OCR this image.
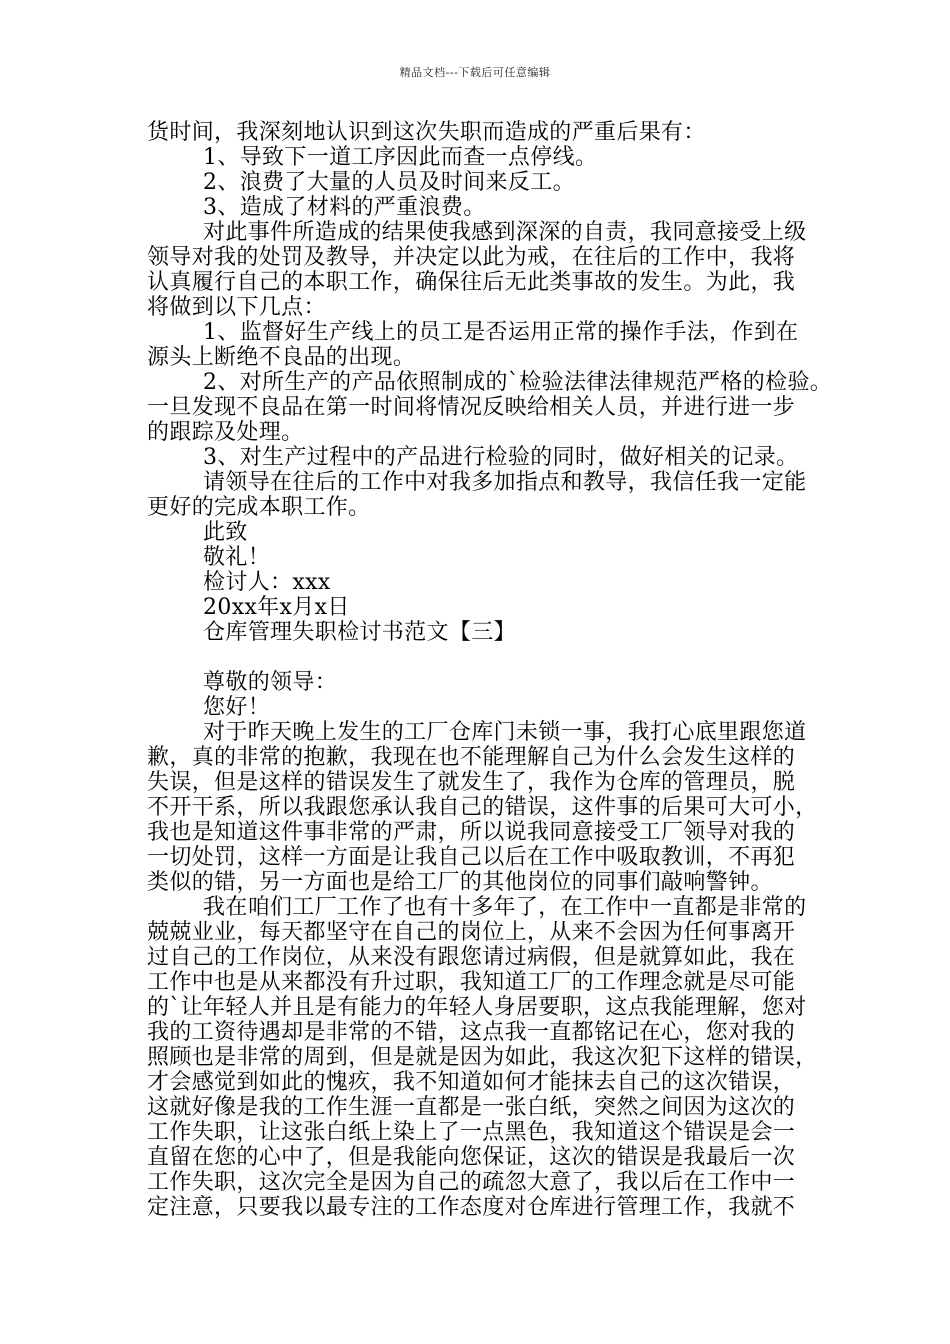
精品文档---下载后可任意编辑
货时间，我深刻地认识到这次失职而造成的严重后果有：
1、导致下一道工序因此而查一点停线。
2、浪费了大量的人员及时间来反工。
3、造成了材料的严重浪费。
对此事件所造成的结果使我感到深深的自责，我同意接受上级
领导对我的处罚及教导，并决定以此为戒，在往后的工作中，我将
认真履行自己的本职工作，确保往后无此类事故的发生。为此，我
将做到以下几点：
1、监督好生产线上的员工是否运用正常的操作手法，作到在
源头上断绝不良品的出现。
2、对所生产的产品依照制成的`检验法律法律规范严格的检验。
一旦发现不良品在第一时间将情况反映给相关人员，并进行进一步
的跟踪及处理。
3、对生产过程中的产品进行检验的同时，做好相关的记录。
请领导在往后的工作中对我多加指点和教导，我信任我一定能
更好的完成本职工作。
此致
敬礼！
检讨人：xxx
20xx年x月x日
仓库管理失职检讨书范文【三】
尊敬的领导：
您好！
对于昨天晚上发生的工厂仓库门未锁一事，我打心底里跟您道
歉，真的非常的抱歉，我现在也不能理解自己为什么会发生这样的
失误，但是这样的错误发生了就发生了，我作为仓库的管理员，脱
不开干系，所以我跟您承认我自己的错误，这件事的后果可大可小，
我也是知道这件事非常的严肃，所以说我同意接受工厂领导对我的
一切处罚，这样一方面是让我自己以后在工作中吸取教训，不再犯
类似的错，另一方面也是给工厂的其他岗位的同事们敲响警钟。
我在咱们工厂工作了也有十多年了，在工作中一直都是非常的
兢兢业业，每天都坚守在自己的岗位上，从来不会因为任何事离开
过自己的工作岗位，从来没有跟您请过病假，但是就算如此，我在
工作中也是从来都没有升过职，我知道工厂的工作理念就是尽可能
的`让年轻人并且是有能力的年轻人身居要职，这点我能理解，您对
我的工资待遇却是非常的不错，这点我一直都铭记在心，您对我的
照顾也是非常的周到，但是就是因为如此，我这次犯下这样的错误，
才会感觉到如此的愧疚，我不知道如何才能抹去自己的这次错误，
这就好像是我的工作生涯一直都是一张白纸，突然之间因为这次的
工作失职，让这张白纸上染上了一点黑色，我知道这个错误是会一
直留在您的心中了，但是我能向您保证，这次的错误是我最后一次
工作失职，这次完全是因为自己的疏忽大意了，我以后在工作中一
定注意，只要我以最专注的工作态度对仓库进行管理工作，我就不
